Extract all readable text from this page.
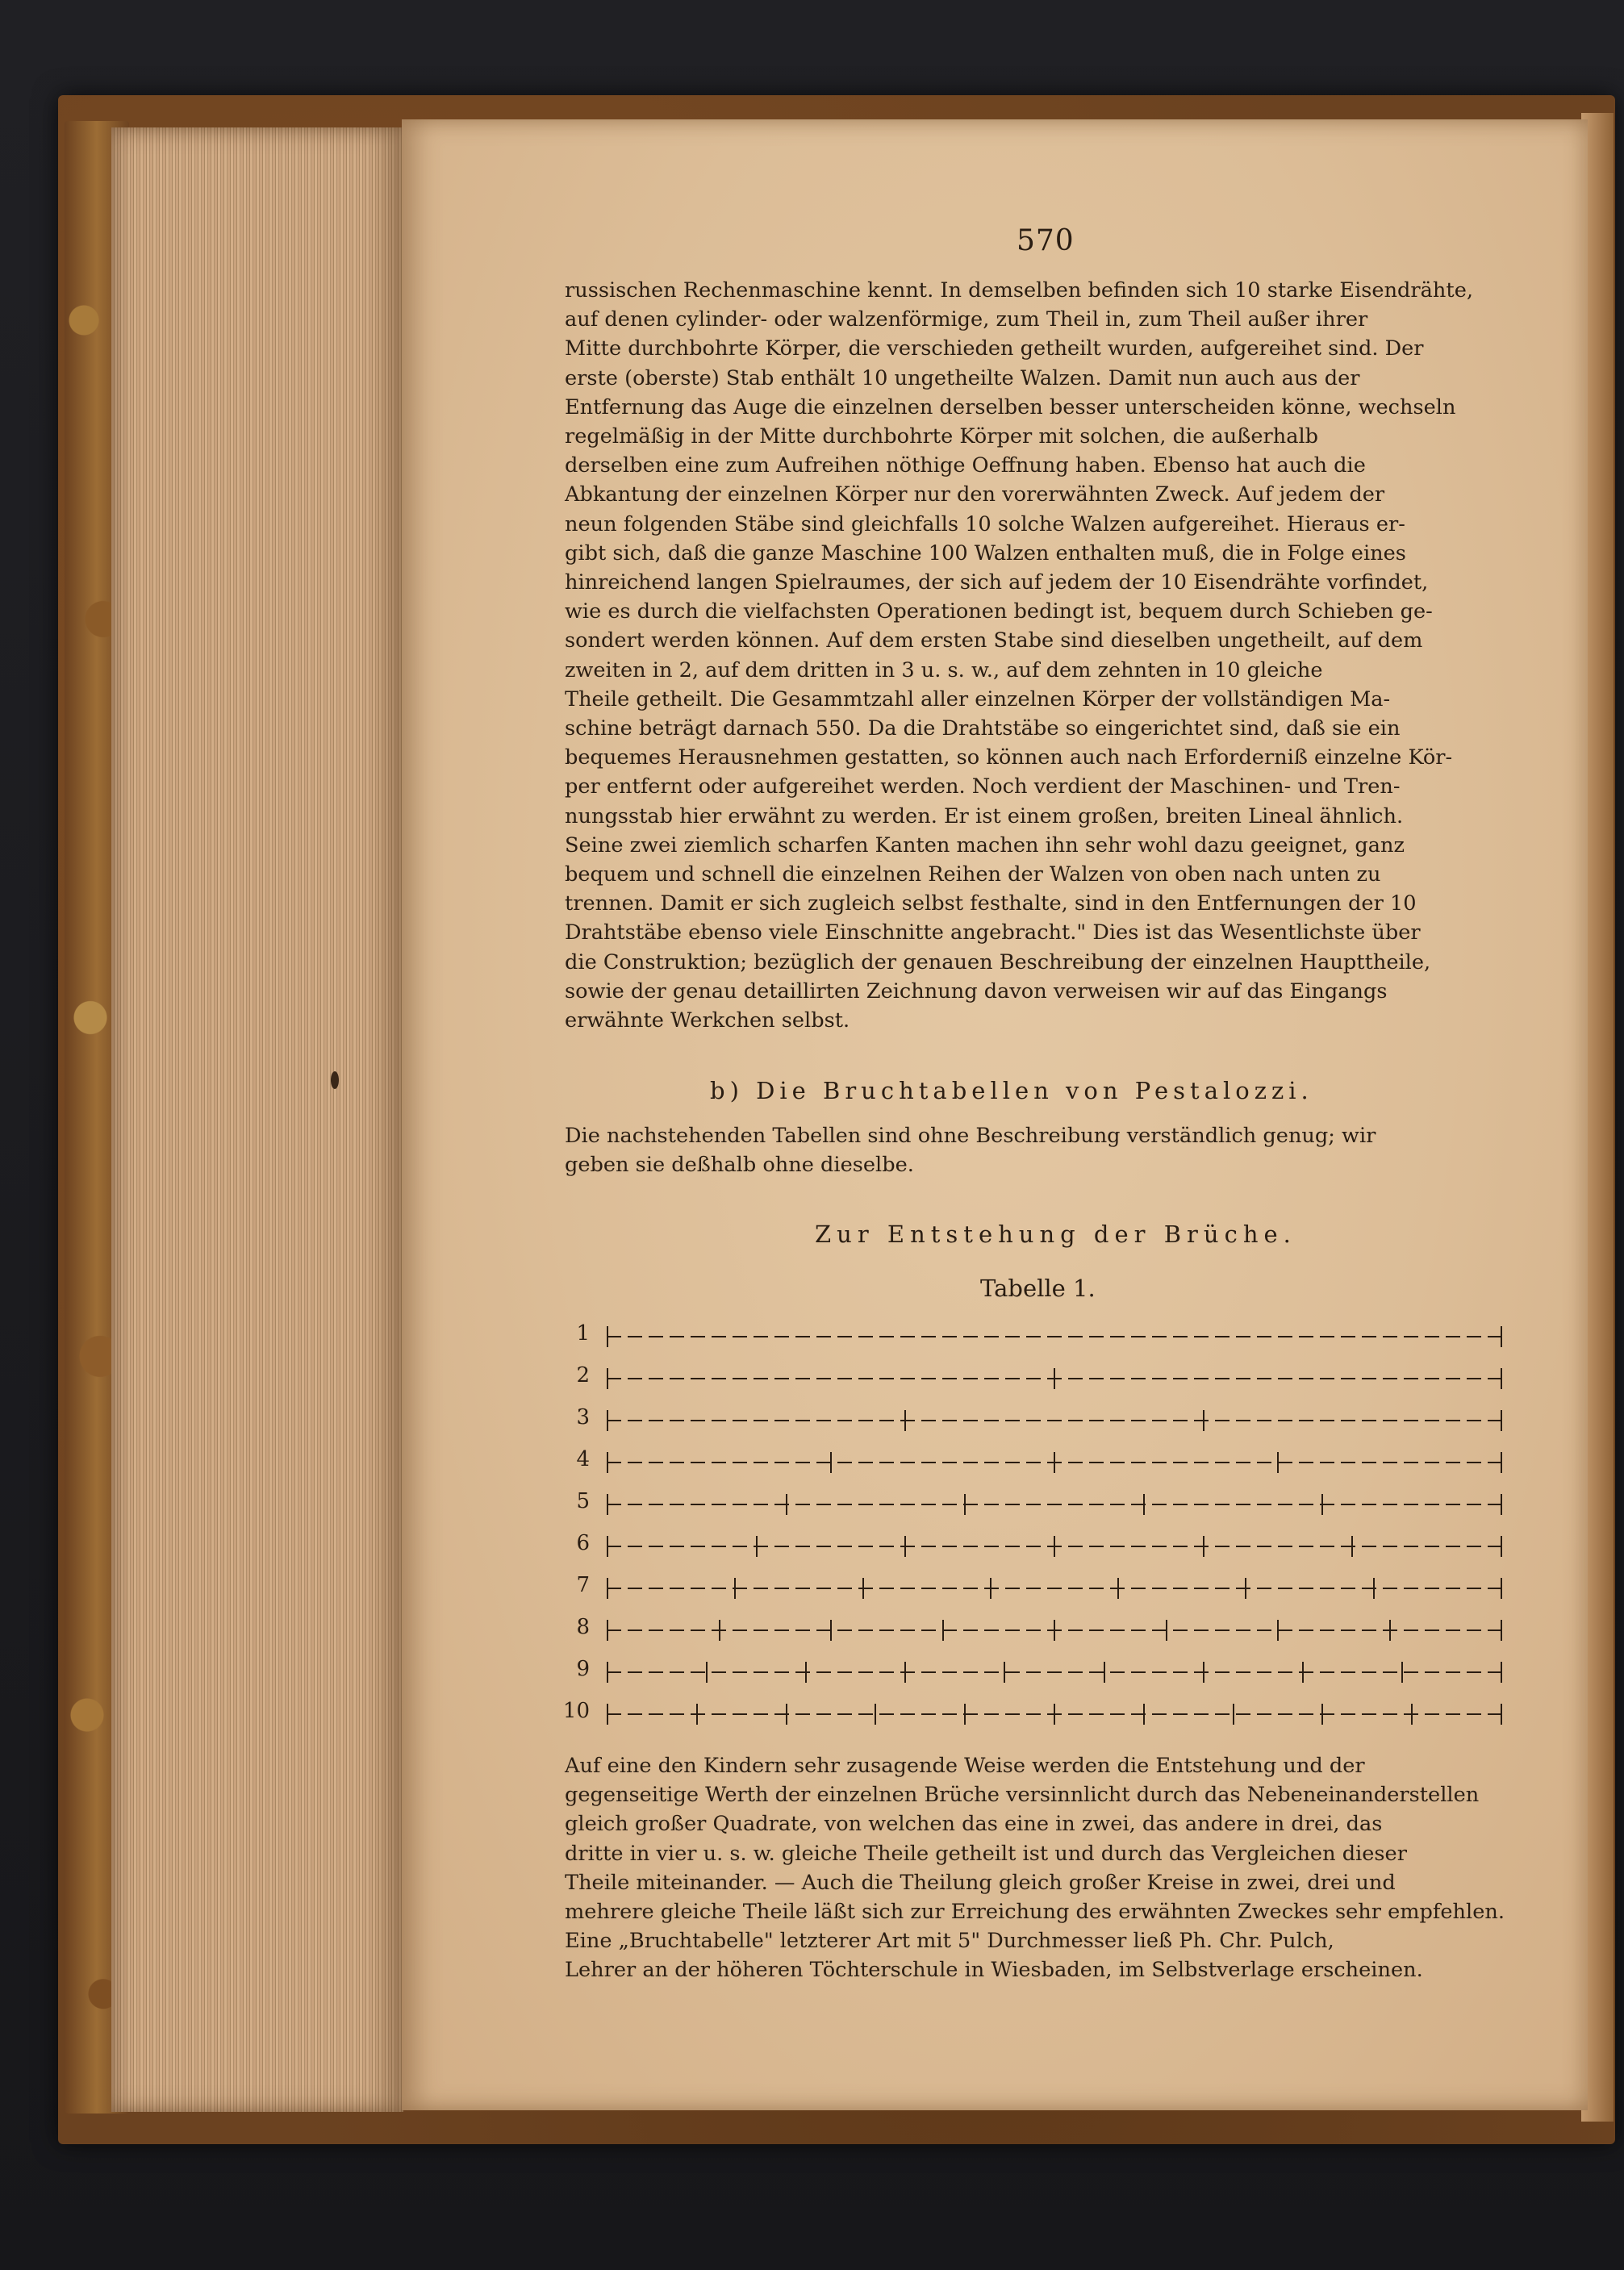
570

russischen Rechenmaschine kennt. In demselben befinden sich 10 starke Eisendrähte,
auf denen cylinder- oder walzenförmige, zum Theil in, zum Theil außer ihrer
Mitte durchbohrte Körper, die verschieden getheilt wurden, aufgereihet sind. Der
erste (oberste) Stab enthält 10 ungetheilte Walzen. Damit nun auch aus der
Entfernung das Auge die einzelnen derselben besser unterscheiden könne, wechseln
regelmäßig in der Mitte durchbohrte Körper mit solchen, die außerhalb
derselben eine zum Aufreihen nöthige Oeffnung haben. Ebenso hat auch die
Abkantung der einzelnen Körper nur den vorerwähnten Zweck. Auf jedem der
neun folgenden Stäbe sind gleichfalls 10 solche Walzen aufgereihet. Hieraus er-
gibt sich, daß die ganze Maschine 100 Walzen enthalten muß, die in Folge eines
hinreichend langen Spielraumes, der sich auf jedem der 10 Eisendrähte vorfindet,
wie es durch die vielfachsten Operationen bedingt ist, bequem durch Schieben ge-
sondert werden können. Auf dem ersten Stabe sind dieselben ungetheilt, auf dem
zweiten in 2, auf dem dritten in 3 u. s. w., auf dem zehnten in 10 gleiche
Theile getheilt. Die Gesammtzahl aller einzelnen Körper der vollständigen Ma-
schine beträgt darnach 550. Da die Drahtstäbe so eingerichtet sind, daß sie ein
bequemes Herausnehmen gestatten, so können auch nach Erforderniß einzelne Kör-
per entfernt oder aufgereihet werden. Noch verdient der Maschinen- und Tren-
nungsstab hier erwähnt zu werden. Er ist einem großen, breiten Lineal ähnlich.
Seine zwei ziemlich scharfen Kanten machen ihn sehr wohl dazu geeignet, ganz
bequem und schnell die einzelnen Reihen der Walzen von oben nach unten zu
trennen. Damit er sich zugleich selbst festhalte, sind in den Entfernungen der 10
Drahtstäbe ebenso viele Einschnitte angebracht." Dies ist das Wesentlichste über
die Construktion; bezüglich der genauen Beschreibung der einzelnen Haupttheile,
sowie der genau detaillirten Zeichnung davon verweisen wir auf das Eingangs
erwähnte Werkchen selbst.

b) Die Bruchtabellen von Pestalozzi.

Die nachstehenden Tabellen sind ohne Beschreibung verständlich genug; wir
geben sie deßhalb ohne dieselbe.

Zur Entstehung der Brüche.
Tabelle 1.
1
2
3
4
5
6
7
8
9
10

Auf eine den Kindern sehr zusagende Weise werden die Entstehung und der
gegenseitige Werth der einzelnen Brüche versinnlicht durch das Nebeneinanderstellen
gleich großer Quadrate, von welchen das eine in zwei, das andere in drei, das
dritte in vier u. s. w. gleiche Theile getheilt ist und durch das Vergleichen dieser
Theile miteinander. — Auch die Theilung gleich großer Kreise in zwei, drei und
mehrere gleiche Theile läßt sich zur Erreichung des erwähnten Zweckes sehr empfehlen.
Eine „Bruchtabelle" letzterer Art mit 5" Durchmesser ließ Ph. Chr. Pulch,
Lehrer an der höheren Töchterschule in Wiesbaden, im Selbstverlage erscheinen.
